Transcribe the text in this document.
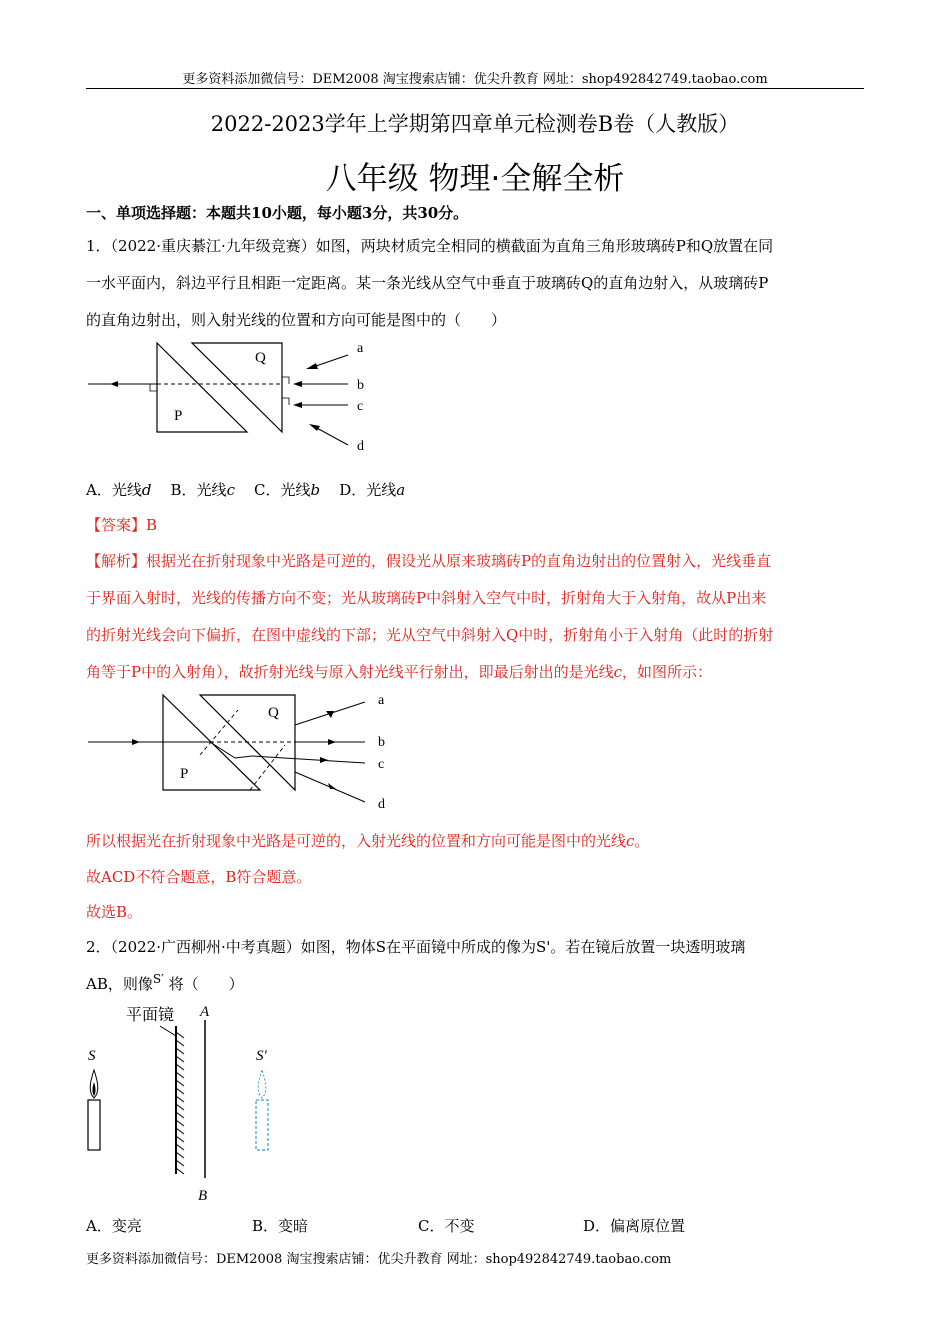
更多资料添加微信号：DEM2008 淘宝搜索店铺：优尖升教育 网址：shop492842749.taobao.com
2022-2023学年上学期第四章单元检测卷B卷（人教版）
八年级 物理·全解全析
一、单项选择题：本题共10小题，每小题3分，共30分。
1．（2022·重庆綦江·九年级竞赛）如图，两块材质完全相同的横截面为直角三角形玻璃砖P和Q放置在同
一水平面内，斜边平行且相距一定距离。某一条光线从空气中垂直于玻璃砖Q的直角边射入，从玻璃砖P
的直角边射出，则入射光线的位置和方向可能是图中的（　　）
Q
P
a
b
c
d
A．光线d B．光线c C．光线b D．光线a
【答案】B
【解析】根据光在折射现象中光路是可逆的，假设光从原来玻璃砖P的直角边射出的位置射入，光线垂直
于界面入射时，光线的传播方向不变；光从玻璃砖P中斜射入空气中时，折射角大于入射角，故从P出来
的折射光线会向下偏折，在图中虚线的下部；光从空气中斜射入Q中时，折射角小于入射角（此时的折射
角等于P中的入射角），故折射光线与原入射光线平行射出，即最后射出的是光线c，如图所示：
Q
P
a
b
c
d
所以根据光在折射现象中光路是可逆的，入射光线的位置和方向可能是图中的光线c。
故ACD不符合题意，B符合题意。
故选B。
2．（2022·广西柳州·中考真题）如图，物体S在平面镜中所成的像为S'。若在镜后放置一块透明玻璃
AB，则像$^{S'}$ 将（　　）
平面镜 A
B
S	S′
A．变亮	B．变暗	C．不变	D．偏离原位置
更多资料添加微信号：DEM2008 淘宝搜索店铺：优尖升教育 网址：shop492842749.taobao.com
